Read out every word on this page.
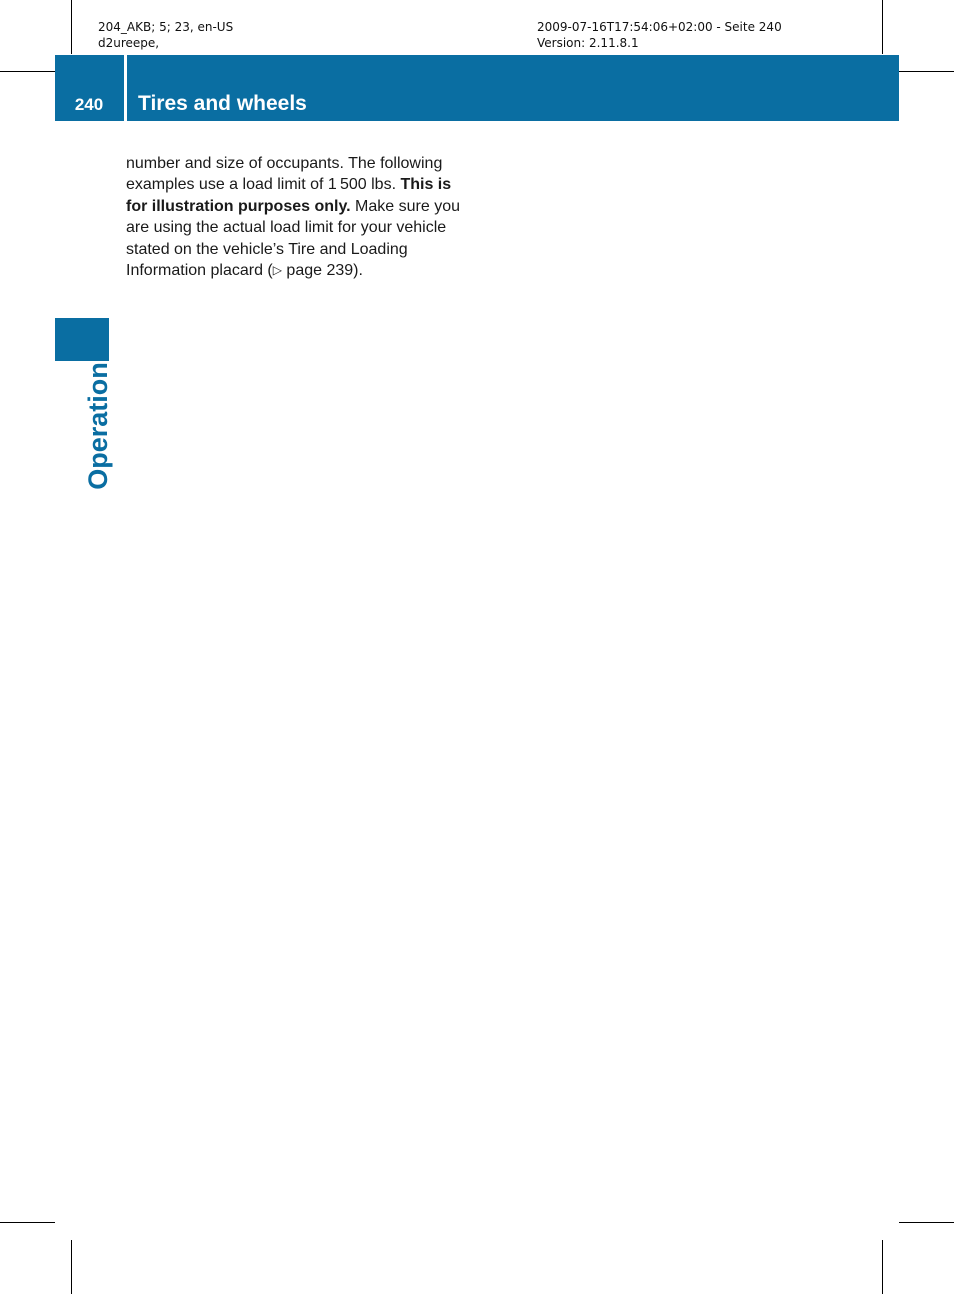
204_AKB; 5; 23, en-US
d2ureepe,
2009-07-16T17:54:06+02:00 - Seite 240
Version: 2.11.8.1
240	Tires and wheels
Operation
number and size of occupants. The following examples use a load limit of 1 500 lbs. This is for illustration purposes only. Make sure you are using the actual load limit for your vehicle stated on the vehicle’s Tire and Loading Information placard (▷ page 239).
